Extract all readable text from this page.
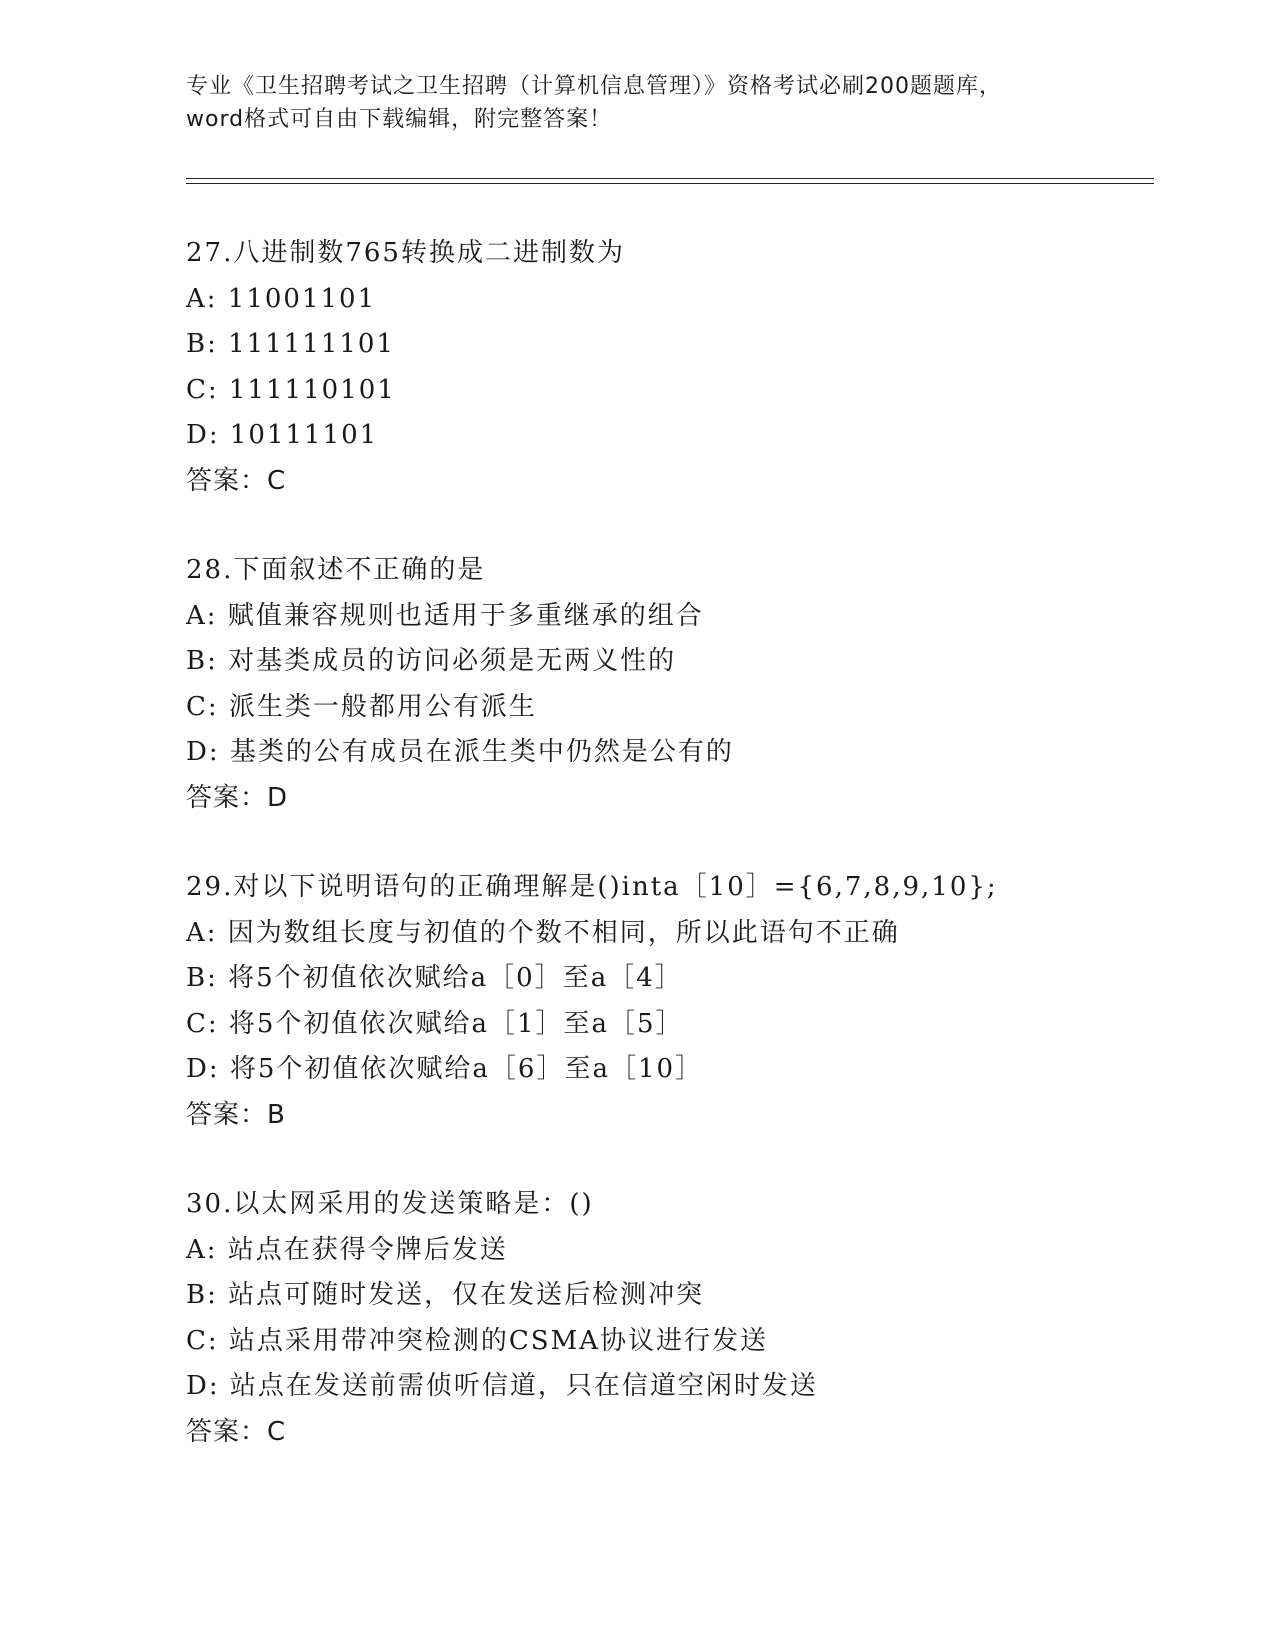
专业《卫生招聘考试之卫生招聘（计算机信息管理）》资格考试必刷200题题库，
word格式可自由下载编辑，附完整答案！
27.八进制数765转换成二进制数为
A: 11001101
B: 111111101
C: 111110101
D: 10111101
答案：C
28.下面叙述不正确的是
A: 赋值兼容规则也适用于多重继承的组合
B: 对基类成员的访问必须是无两义性的
C: 派生类一般都用公有派生
D: 基类的公有成员在派生类中仍然是公有的
答案：D
29.对以下说明语句的正确理解是()inta［10］={6,7,8,9,10};
A: 因为数组长度与初值的个数不相同，所以此语句不正确
B: 将5个初值依次赋给a［0］至a［4］
C: 将5个初值依次赋给a［1］至a［5］
D: 将5个初值依次赋给a［6］至a［10］
答案：B
30.以太网采用的发送策略是：()
A: 站点在获得令牌后发送
B: 站点可随时发送，仅在发送后检测冲突
C: 站点采用带冲突检测的CSMA协议进行发送
D: 站点在发送前需侦听信道，只在信道空闲时发送
答案：C
